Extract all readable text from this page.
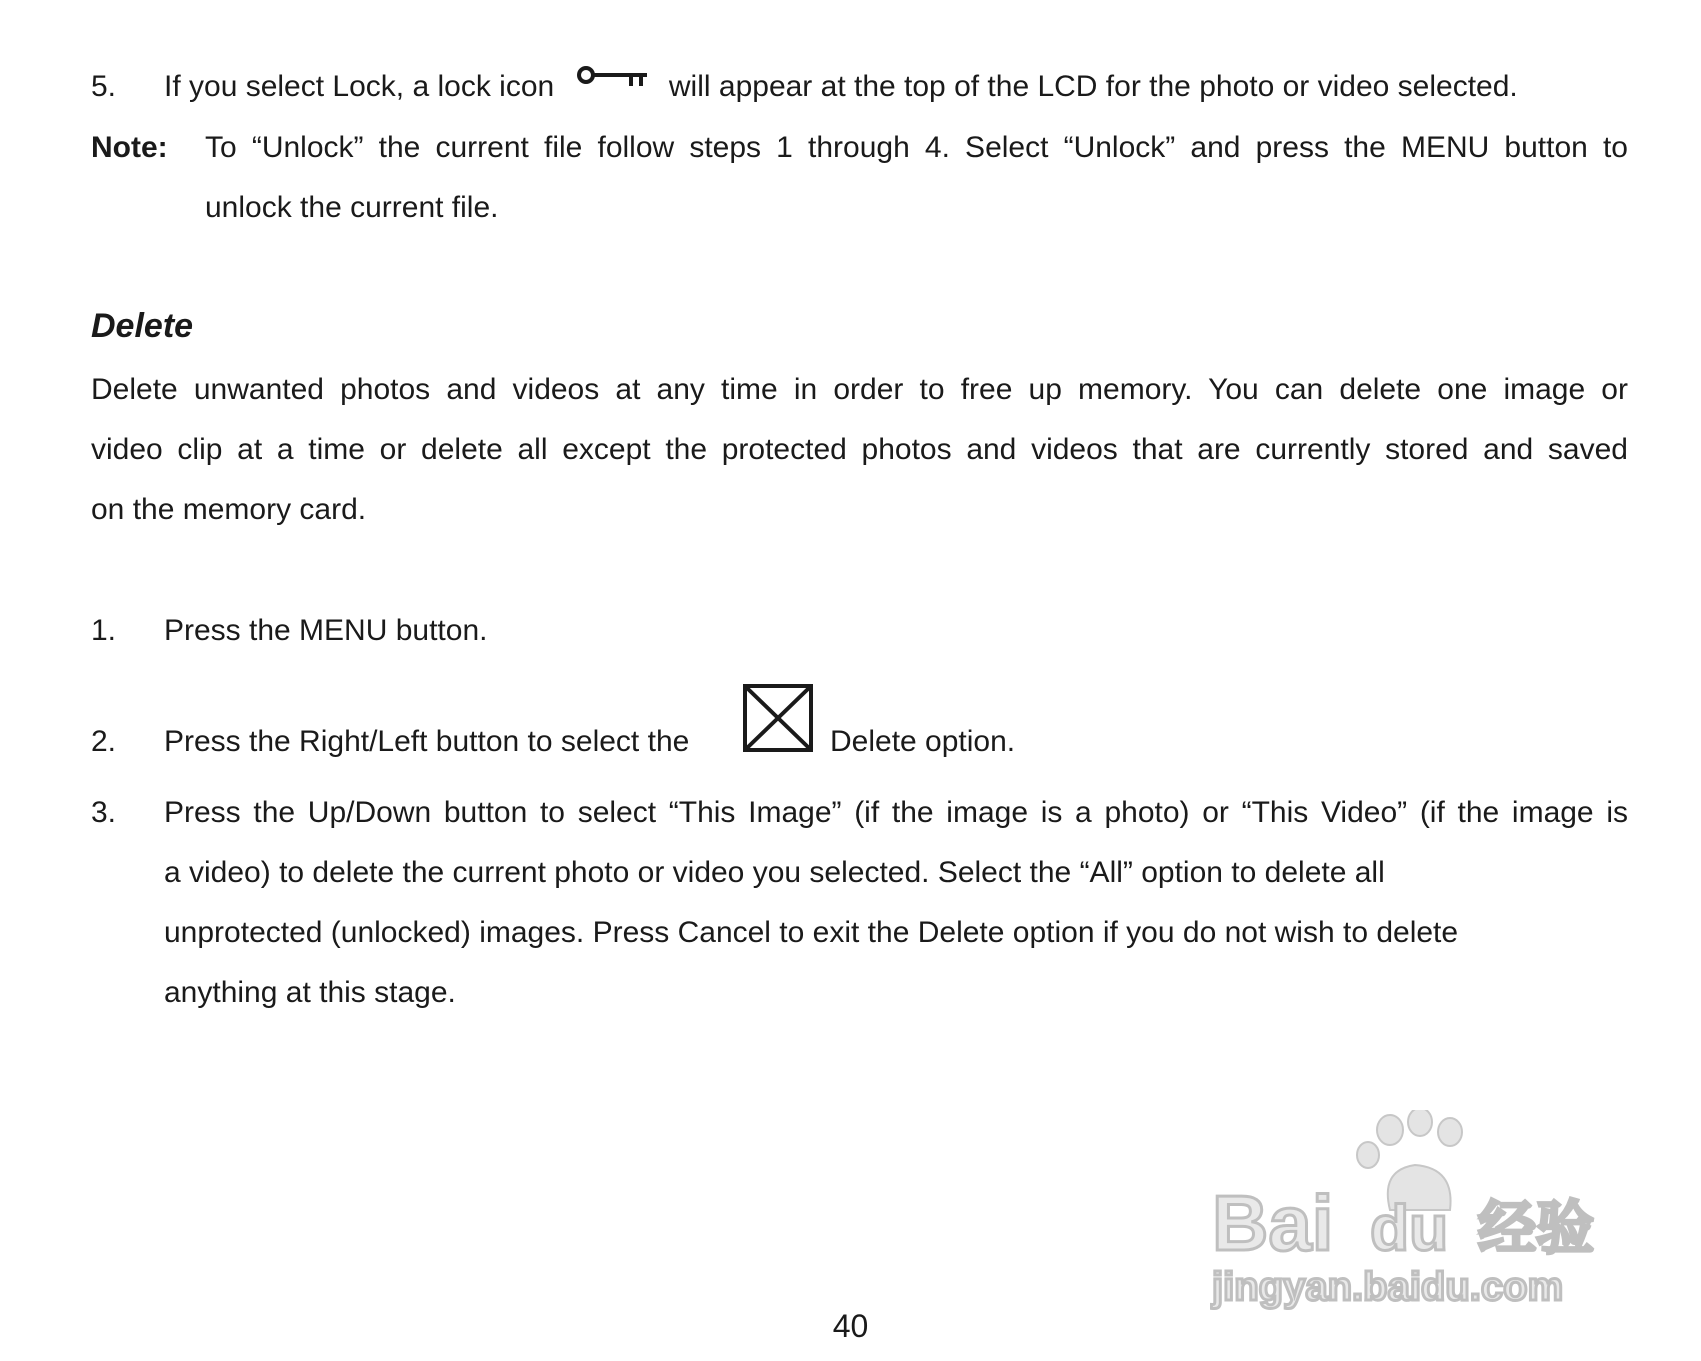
5. If you select Lock, a lock icon	will appear at the top of the LCD for the photo or video selected.
Note: To “Unlock” the current file follow steps 1 through 4. Select “Unlock” and press the MENU button to
unlock the current file.
Delete
Delete unwanted photos and videos at any time in order to free up memory. You can delete one image or
video clip at a time or delete all except the protected photos and videos that are currently stored and saved
on the memory card.
1. Press the MENU button.
2. Press the Right/Left button to select the	Delete option.
3. Press the Up/Down button to select “This Image” (if the image is a photo) or “This Video” (if the image is
a video) to delete the current photo or video you selected. Select the “All” option to delete all
unprotected (unlocked) images. Press Cancel to exit the Delete option if you do not wish to delete
anything at this stage.
Bai du 经验
jingyan.baidu.com
40
